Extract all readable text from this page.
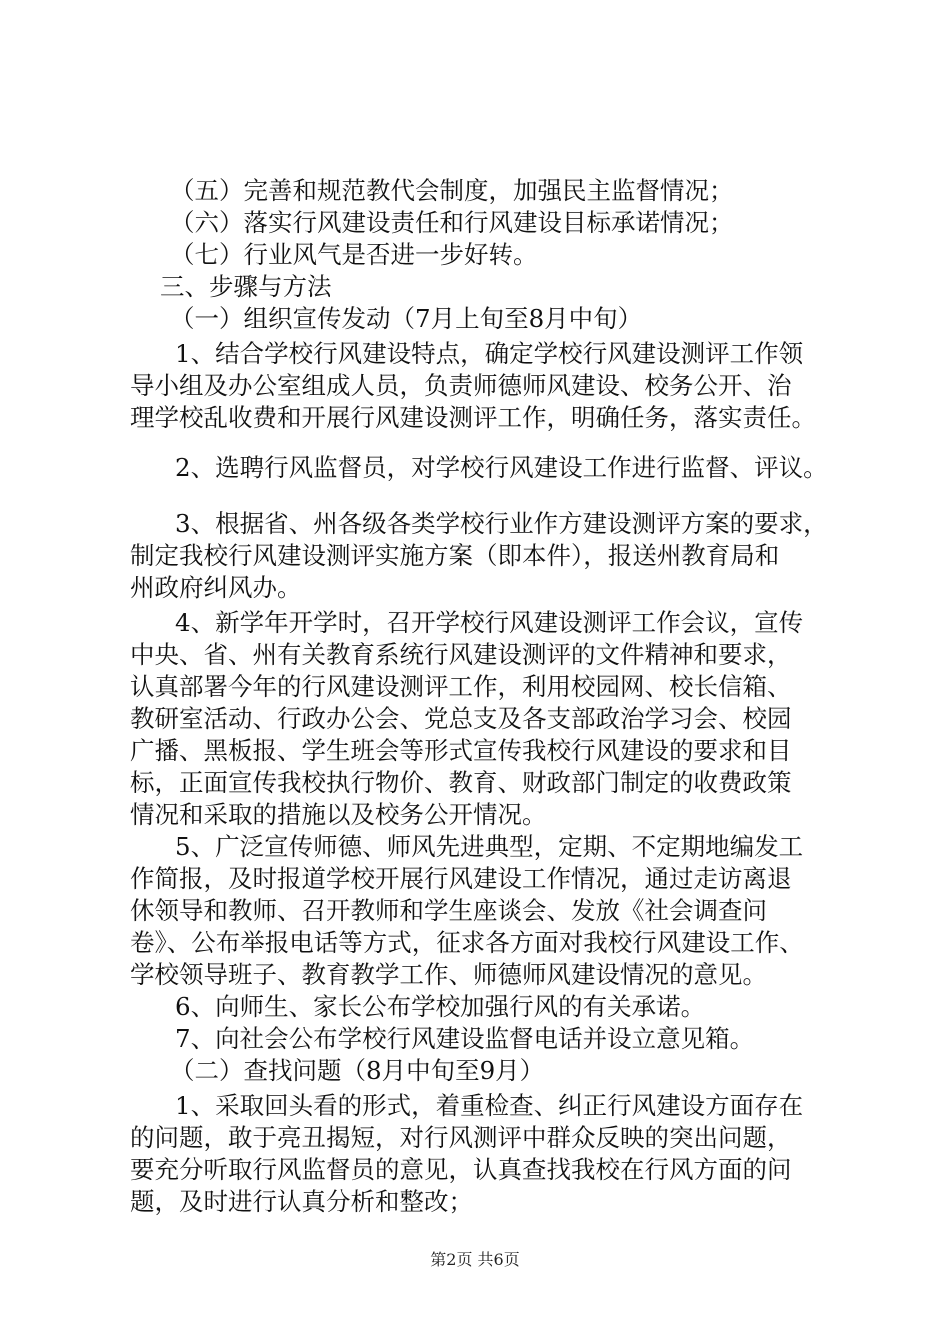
（五）完善和规范教代会制度，加强民主监督情况；
（六）落实行风建设责任和行风建设目标承诺情况；
（七）行业风气是否进一步好转。
三、步骤与方法
（一）组织宣传发动（7月上旬至8月中旬）
1、结合学校行风建设特点，确定学校行风建设测评工作领
导小组及办公室组成人员，负责师德师风建设、校务公开、治
理学校乱收费和开展行风建设测评工作，明确任务，落实责任。
2、选聘行风监督员，对学校行风建设工作进行监督、评议。
3、根据省、州各级各类学校行业作方建设测评方案的要求，
制定我校行风建设测评实施方案（即本件），报送州教育局和
州政府纠风办。
4、新学年开学时，召开学校行风建设测评工作会议，宣传
中央、省、州有关教育系统行风建设测评的文件精神和要求，
认真部署今年的行风建设测评工作，利用校园网、校长信箱、
教研室活动、行政办公会、党总支及各支部政治学习会、校园
广播、黑板报、学生班会等形式宣传我校行风建设的要求和目
标，正面宣传我校执行物价、教育、财政部门制定的收费政策
情况和采取的措施以及校务公开情况。
5、广泛宣传师德、师风先进典型，定期、不定期地编发工
作简报，及时报道学校开展行风建设工作情况，通过走访离退
休领导和教师、召开教师和学生座谈会、发放《社会调查问
卷》、公布举报电话等方式，征求各方面对我校行风建设工作、
学校领导班子、教育教学工作、师德师风建设情况的意见。
6、向师生、家长公布学校加强行风的有关承诺。
7、向社会公布学校行风建设监督电话并设立意见箱。
（二）查找问题（8月中旬至9月）
1、采取回头看的形式，着重检查、纠正行风建设方面存在
的问题，敢于亮丑揭短，对行风测评中群众反映的突出问题，
要充分听取行风监督员的意见，认真查找我校在行风方面的问
题，及时进行认真分析和整改；
第2页 共6页
